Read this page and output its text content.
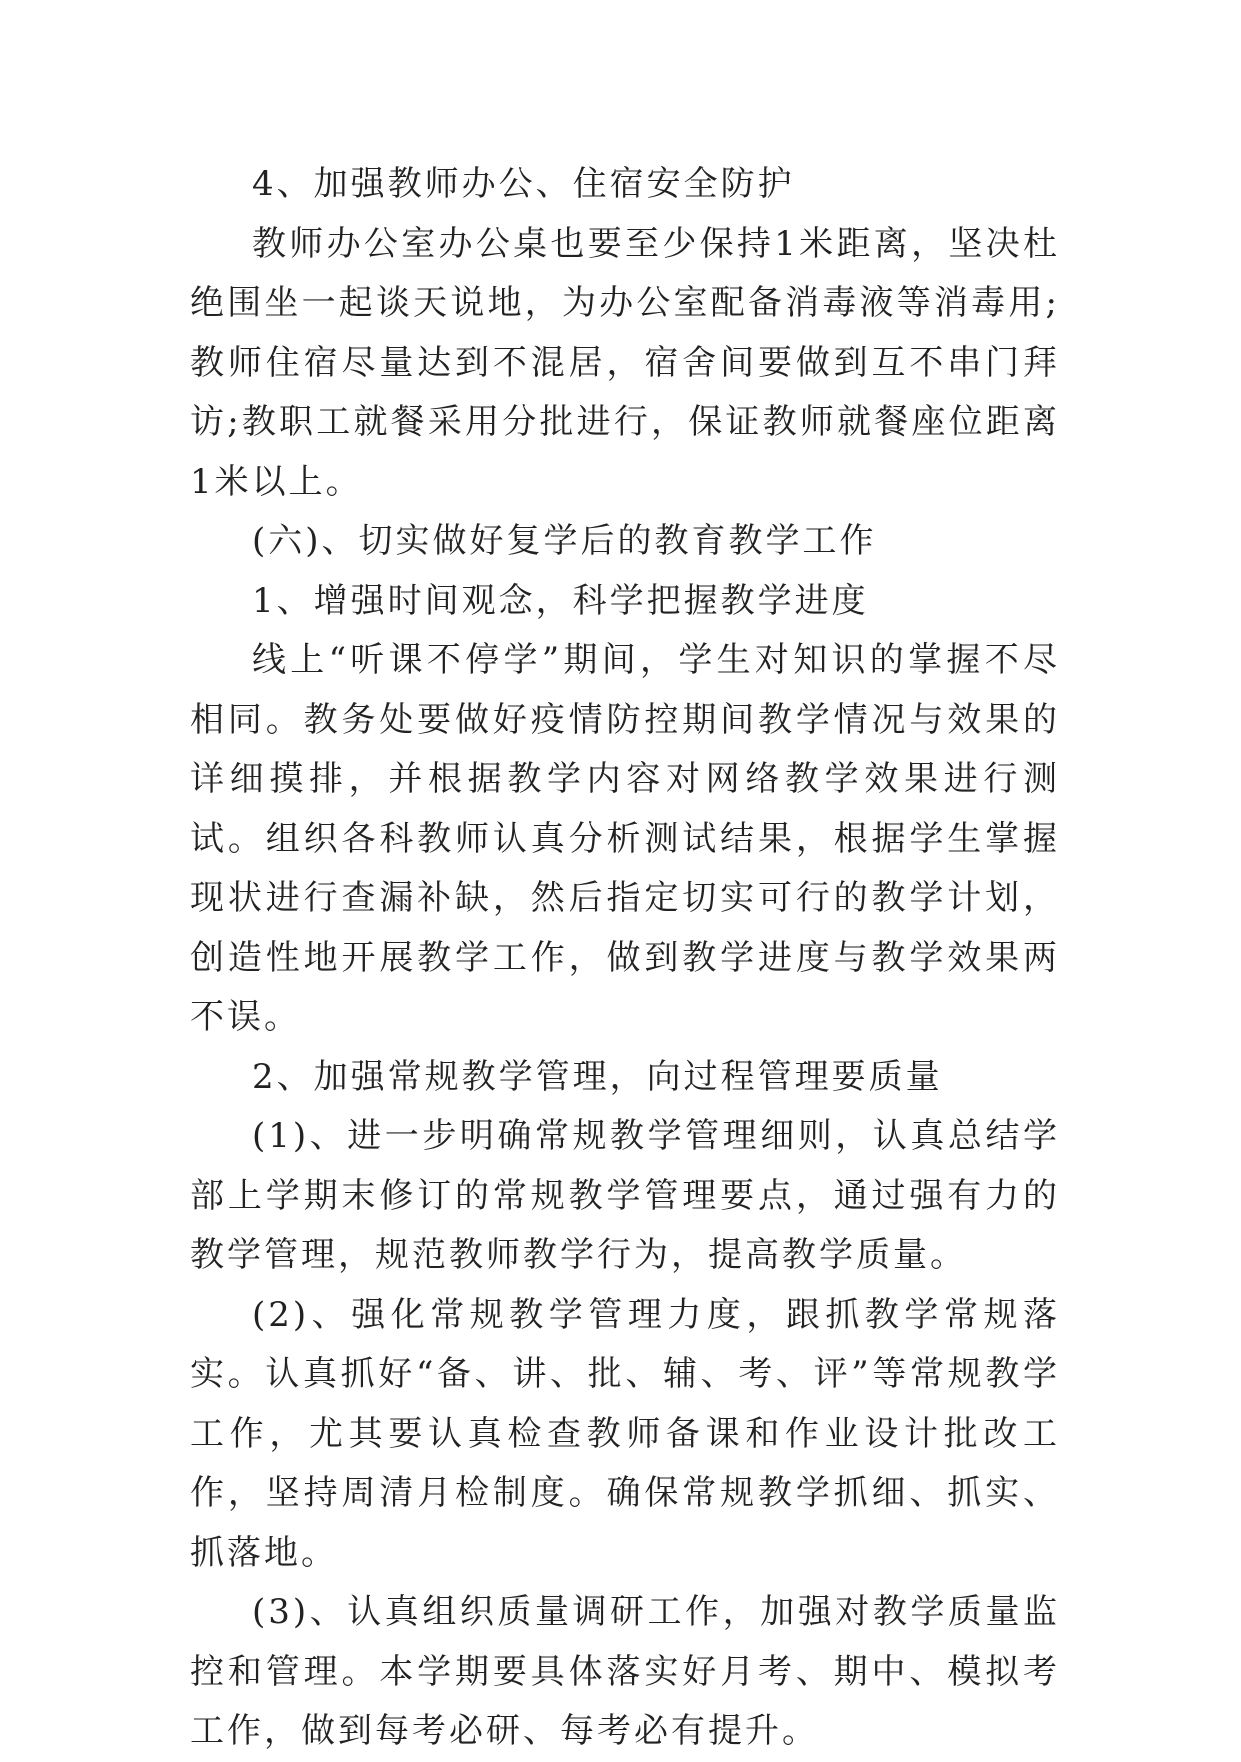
4、加强教师办公、住宿安全防护

教师办公室办公桌也要至少保持1米距离，坚决杜绝围坐一起谈天说地，为办公室配备消毒液等消毒用;教师住宿尽量达到不混居，宿舍间要做到互不串门拜访;教职工就餐采用分批进行，保证教师就餐座位距离1米以上。

(六)、切实做好复学后的教育教学工作

1、增强时间观念，科学把握教学进度

线上“听课不停学”期间，学生对知识的掌握不尽相同。教务处要做好疫情防控期间教学情况与效果的详细摸排，并根据教学内容对网络教学效果进行测试。组织各科教师认真分析测试结果，根据学生掌握现状进行查漏补缺，然后指定切实可行的教学计划，创造性地开展教学工作，做到教学进度与教学效果两不误。

2、加强常规教学管理，向过程管理要质量

(1)、进一步明确常规教学管理细则，认真总结学部上学期末修订的常规教学管理要点，通过强有力的教学管理，规范教师教学行为，提高教学质量。

(2)、强化常规教学管理力度，跟抓教学常规落实。认真抓好“备、讲、批、辅、考、评”等常规教学工作，尤其要认真检查教师备课和作业设计批改工作，坚持周清月检制度。确保常规教学抓细、抓实、抓落地。

(3)、认真组织质量调研工作，加强对教学质量监控和管理。本学期要具体落实好月考、期中、模拟考工作，做到每考必研、每考必有提升。
